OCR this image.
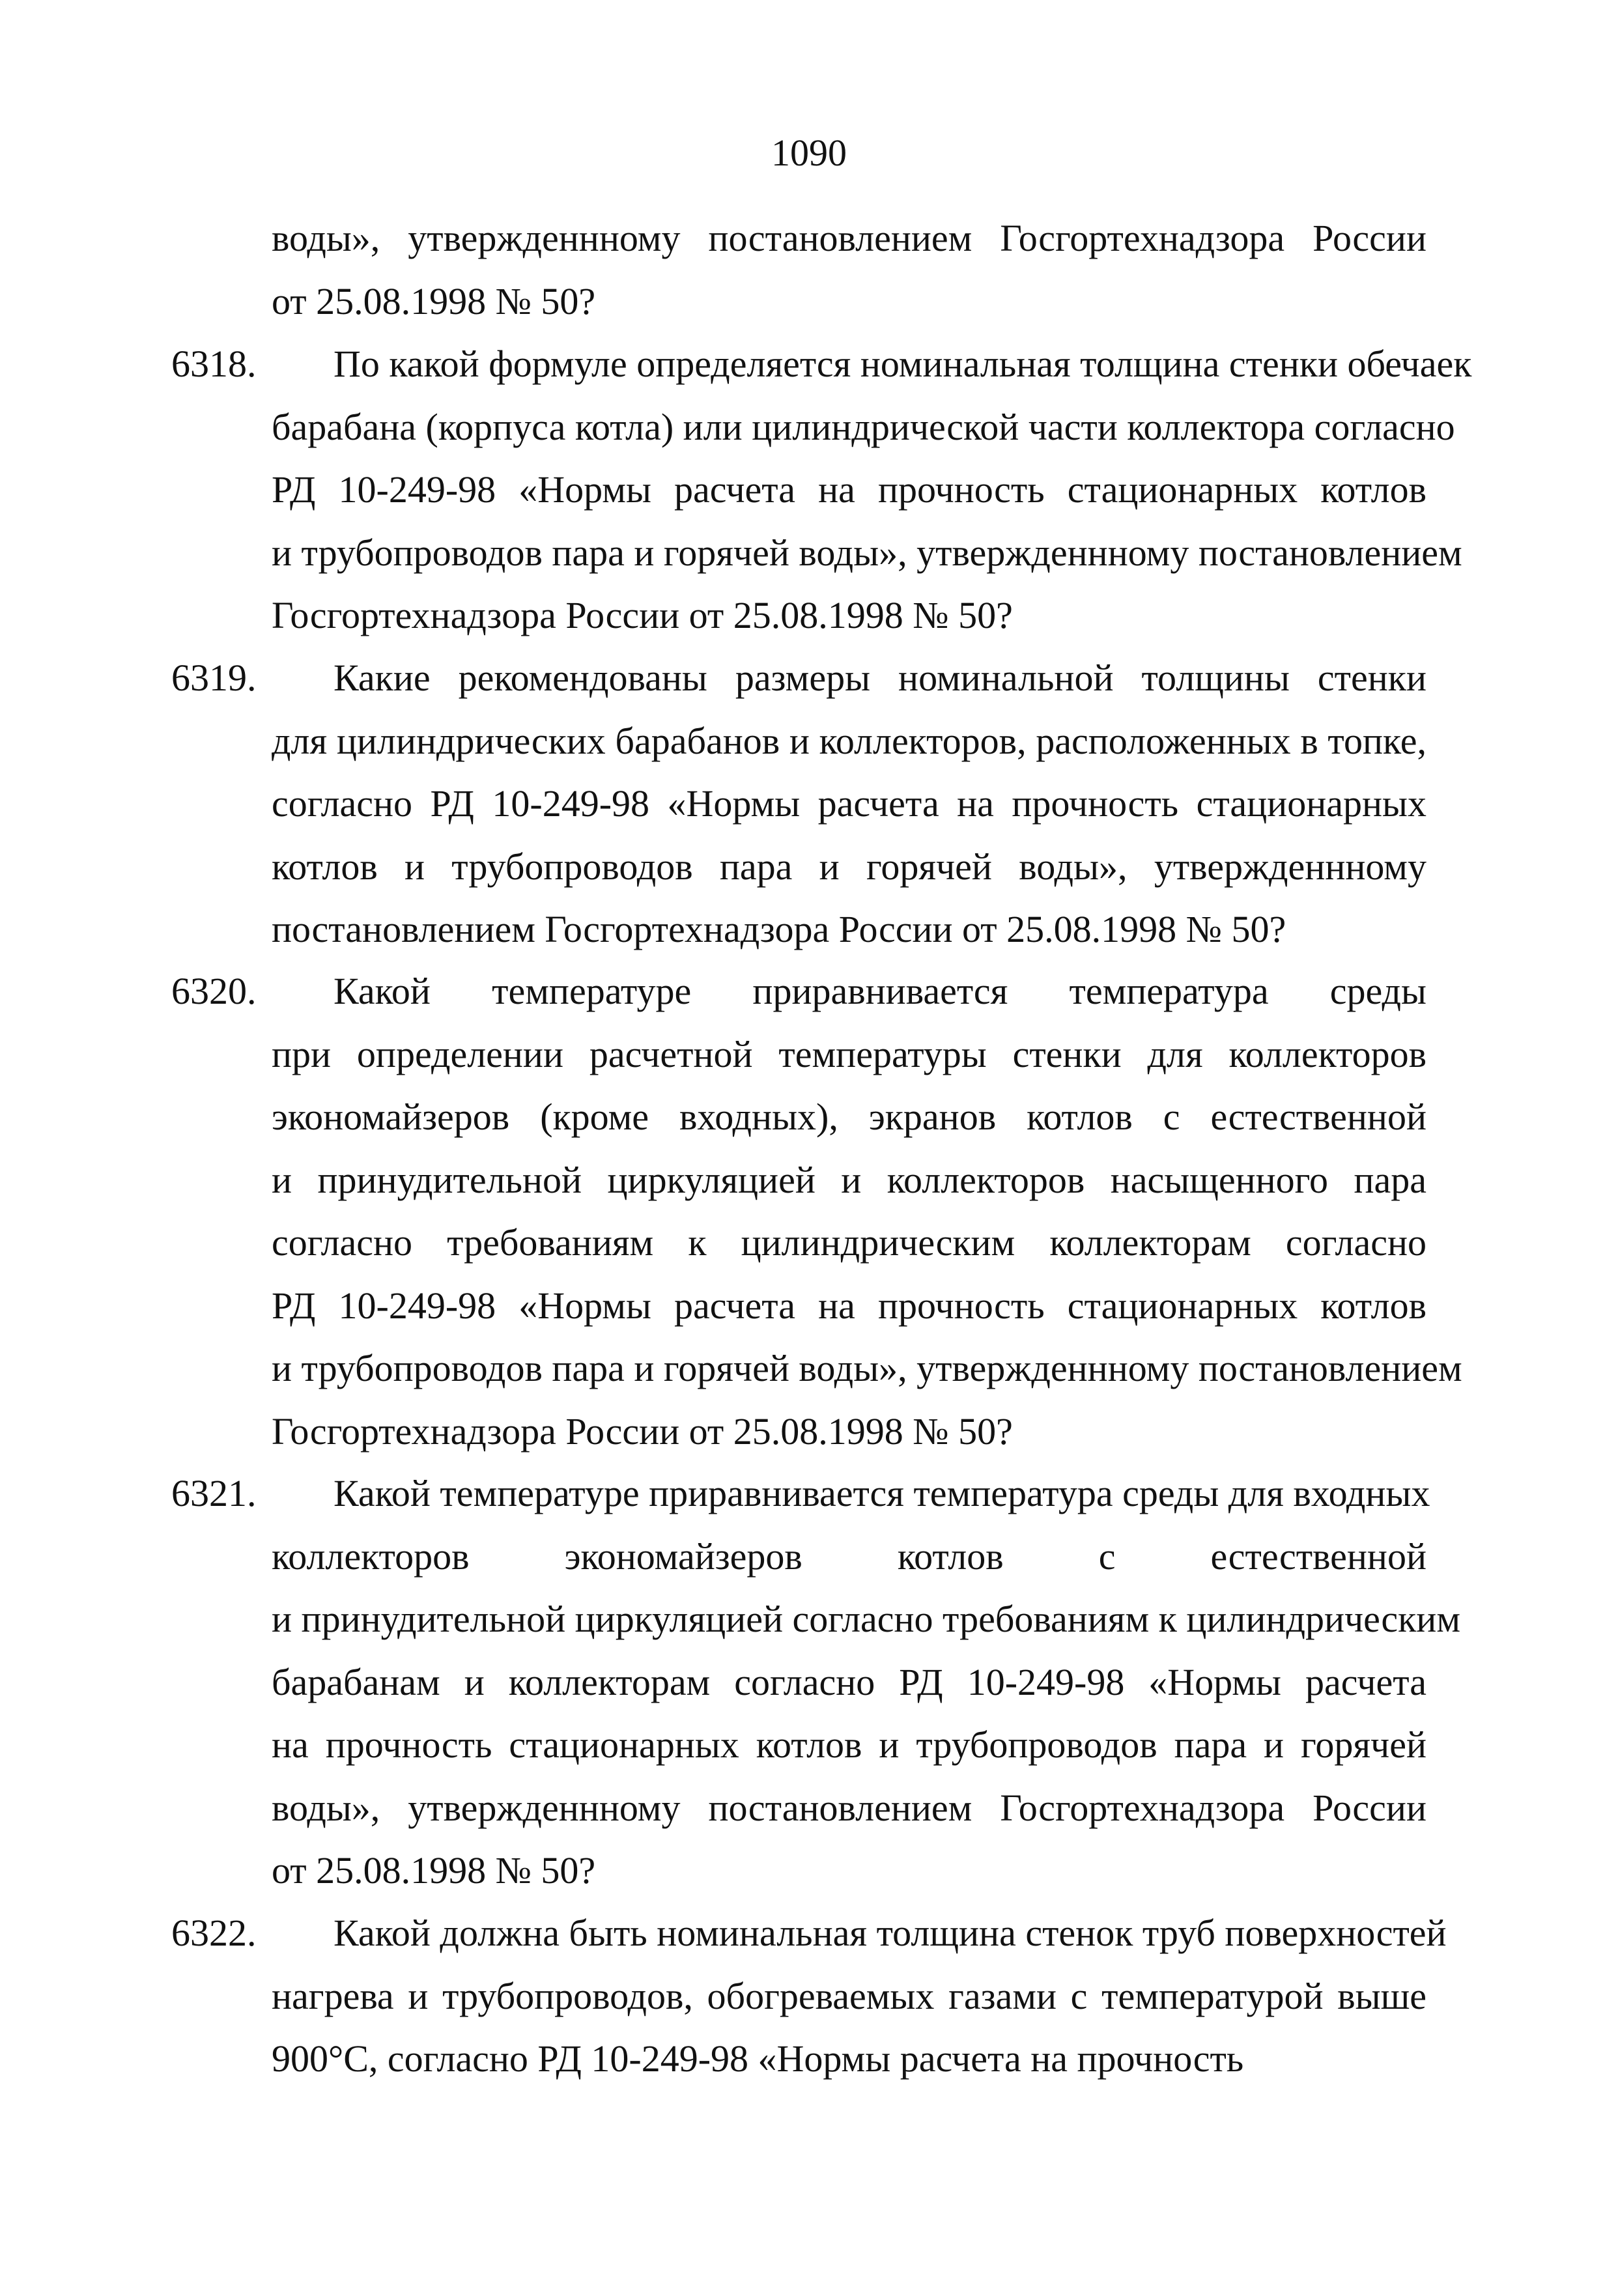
1090
воды», утвержденнному постановлением Госгортехнадзора России
от 25.08.1998 № 50?
По какой формуле определяется номинальная толщина стенки обечаек
барабана (корпуса котла) или цилиндрической части коллектора согласно
РД 10-249-98 «Нормы расчета на прочность стационарных котлов
и трубопроводов пара и горячей воды», утвержденнному постановлением
Госгортехнадзора России от 25.08.1998 № 50?
6318.
Какие рекомендованы размеры номинальной толщины стенки
для цилиндрических барабанов и коллекторов, расположенных в топке,
согласно РД 10-249-98 «Нормы расчета на прочность стационарных
котлов и трубопроводов пара и горячей воды», утвержденнному
постановлением Госгортехнадзора России от 25.08.1998 № 50?
6319.
Какой температуре приравнивается температура среды
при определении расчетной температуры стенки для коллекторов
экономайзеров (кроме входных), экранов котлов с естественной
и принудительной циркуляцией и коллекторов насыщенного пара
согласно требованиям к цилиндрическим коллекторам согласно
РД 10-249-98 «Нормы расчета на прочность стационарных котлов
и трубопроводов пара и горячей воды», утвержденнному постановлением
Госгортехнадзора России от 25.08.1998 № 50?
6320.
Какой температуре приравнивается температура среды для входных
коллекторов экономайзеров котлов с естественной
и принудительной циркуляцией согласно требованиям к цилиндрическим
барабанам и коллекторам согласно РД 10-249-98 «Нормы расчета
на прочность стационарных котлов и трубопроводов пара и горячей
воды», утвержденнному постановлением Госгортехнадзора России
от 25.08.1998 № 50?
6321.
Какой должна быть номинальная толщина стенок труб поверхностей
нагрева и трубопроводов, обогреваемых газами с температурой выше
900°С, согласно РД 10-249-98 «Нормы расчета на прочность
6322.
